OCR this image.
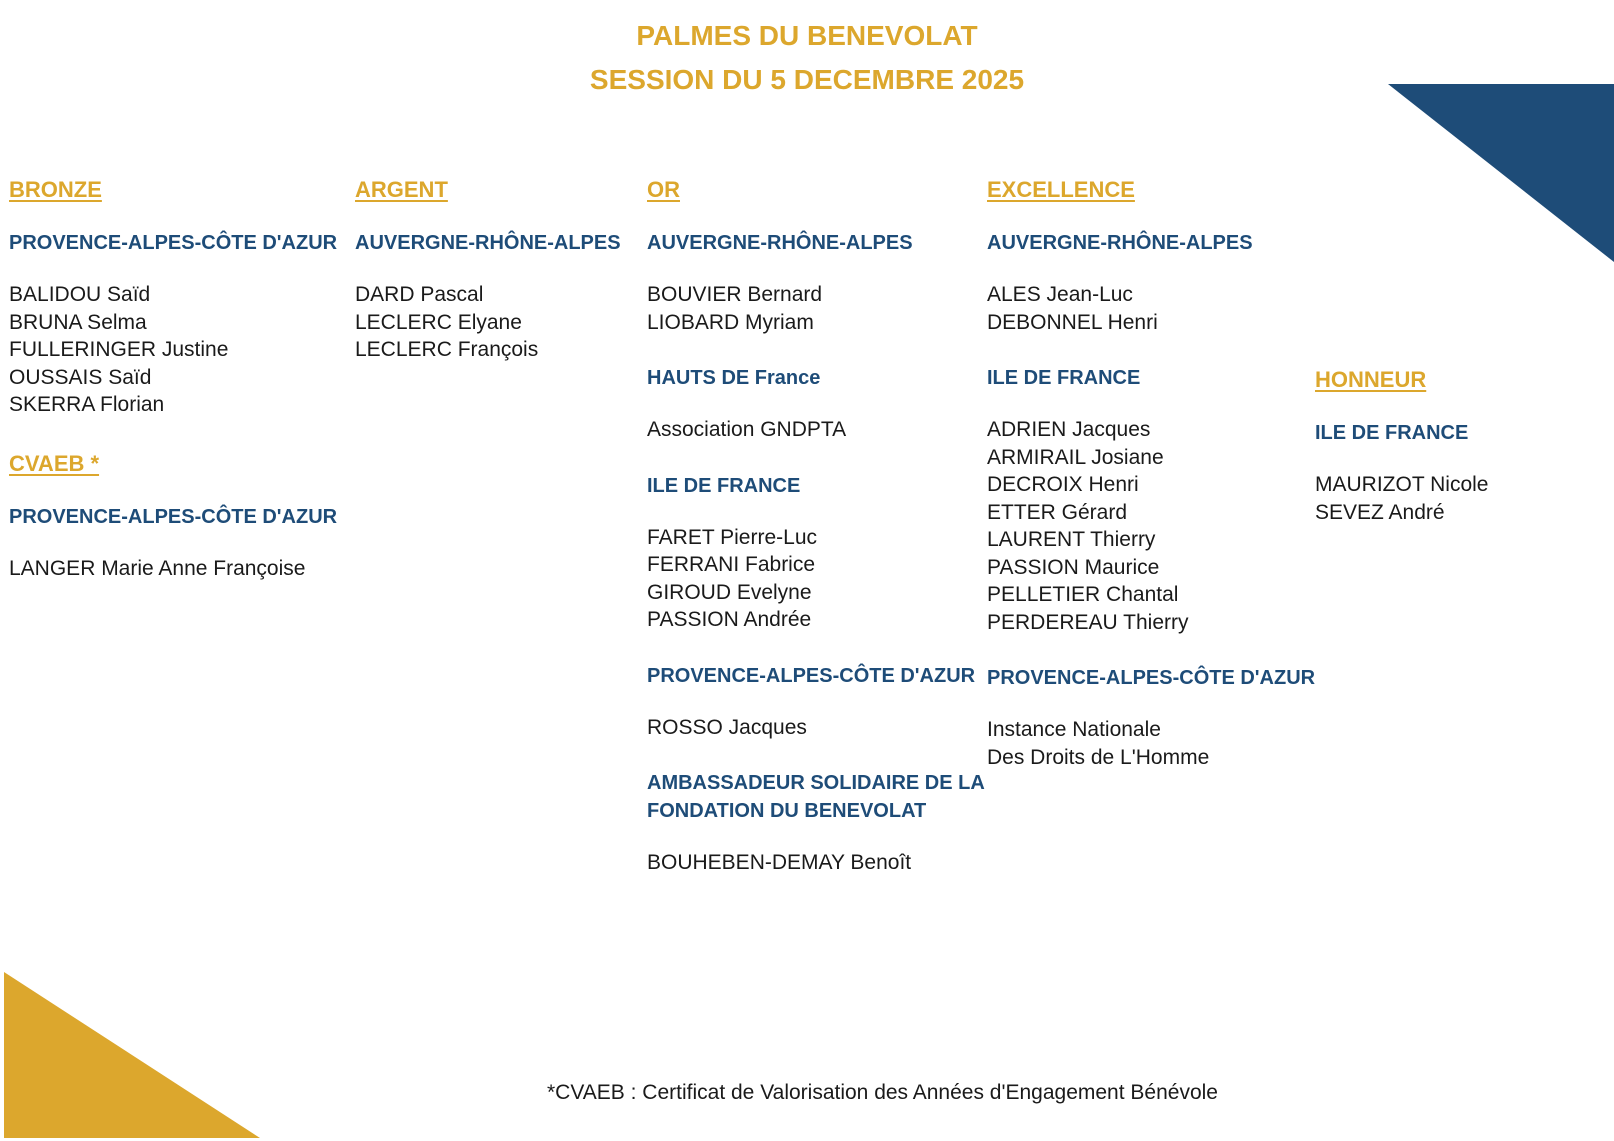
PALMES DU BENEVOLAT
SESSION DU 5 DECEMBRE 2025
BRONZE
PROVENCE-ALPES-CÔTE D'AZUR
BALIDOU Saïd
BRUNA Selma
FULLERINGER Justine
OUSSAIS Saïd
SKERRA Florian
CVAEB *
PROVENCE-ALPES-CÔTE D'AZUR
LANGER Marie Anne Françoise
ARGENT
AUVERGNE-RHÔNE-ALPES
DARD Pascal
LECLERC Elyane
LECLERC François
OR
AUVERGNE-RHÔNE-ALPES
BOUVIER Bernard
LIOBARD Myriam
HAUTS DE France
Association GNDPTA
ILE DE FRANCE
FARET Pierre-Luc
FERRANI Fabrice
GIROUD Evelyne
PASSION Andrée
PROVENCE-ALPES-CÔTE D'AZUR
ROSSO Jacques
AMBASSADEUR SOLIDAIRE DE LA
FONDATION DU BENEVOLAT
BOUHEBEN-DEMAY Benoît
EXCELLENCE
AUVERGNE-RHÔNE-ALPES
ALES Jean-Luc
DEBONNEL Henri
ILE DE FRANCE
ADRIEN Jacques
ARMIRAIL Josiane
DECROIX Henri
ETTER Gérard
LAURENT Thierry
PASSION Maurice
PELLETIER Chantal
PERDEREAU Thierry
PROVENCE-ALPES-CÔTE D'AZUR
Instance Nationale
Des Droits de L'Homme
HONNEUR
ILE DE FRANCE
MAURIZOT Nicole
SEVEZ André
*CVAEB : Certificat de Valorisation des Années d'Engagement Bénévole
